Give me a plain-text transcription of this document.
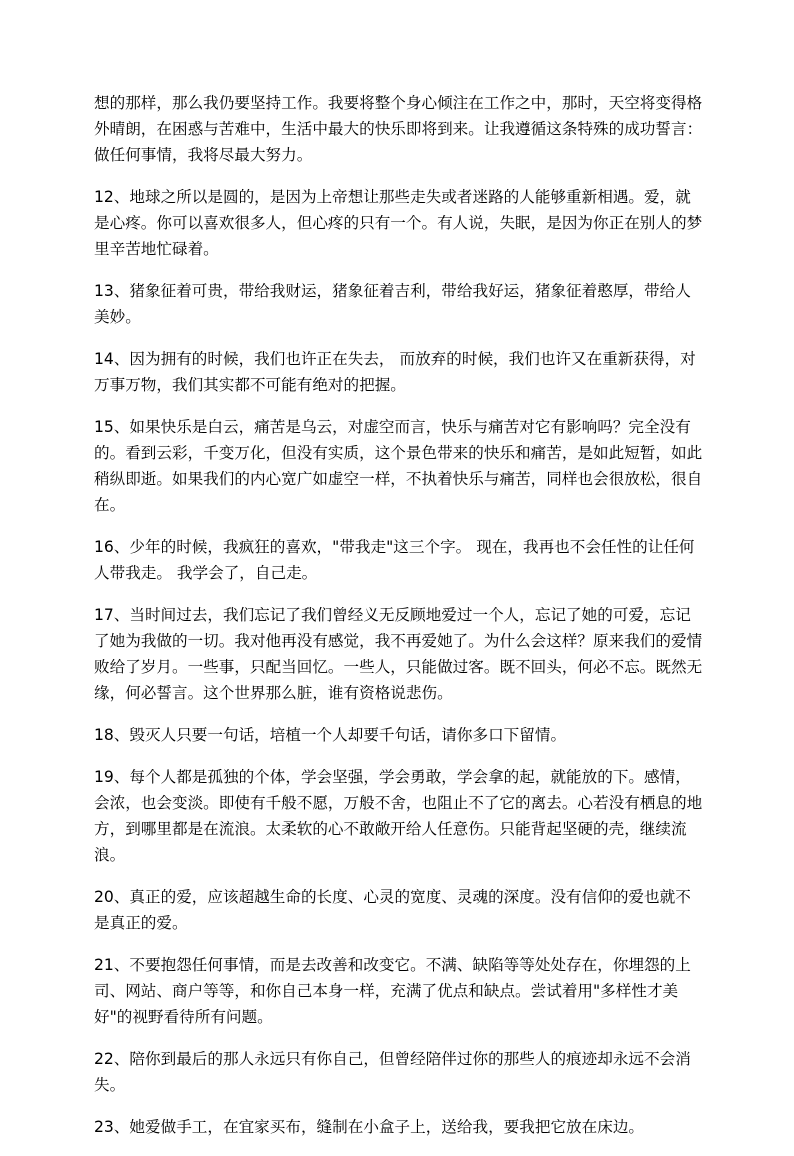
想的那样，那么我仍要坚持工作。我要将整个身心倾注在工作之中，那时，天空将变得格外晴朗，在困惑与苦难中，生活中最大的快乐即将到来。让我遵循这条特殊的成功誓言：做任何事情，我将尽最大努力。

12、地球之所以是圆的，是因为上帝想让那些走失或者迷路的人能够重新相遇。爱，就是心疼。你可以喜欢很多人，但心疼的只有一个。有人说，失眠，是因为你正在别人的梦里辛苦地忙碌着。

13、猪象征着可贵，带给我财运，猪象征着吉利，带给我好运，猪象征着憨厚，带给人美妙。

14、因为拥有的时候，我们也许正在失去， 而放弃的时候，我们也许又在重新获得，对万事万物，我们其实都不可能有绝对的把握。

15、如果快乐是白云，痛苦是乌云，对虚空而言，快乐与痛苦对它有影响吗？完全没有的。看到云彩，千变万化，但没有实质，这个景色带来的快乐和痛苦，是如此短暂，如此稍纵即逝。如果我们的内心宽广如虚空一样，不执着快乐与痛苦，同样也会很放松，很自在。

16、少年的时候，我疯狂的喜欢，"带我走"这三个字。 现在，我再也不会任性的让任何人带我走。 我学会了，自己走。

17、当时间过去，我们忘记了我们曾经义无反顾地爱过一个人，忘记了她的可爱，忘记了她为我做的一切。我对他再没有感觉，我不再爱她了。为什么会这样？原来我们的爱情败给了岁月。一些事，只配当回忆。一些人，只能做过客。既不回头，何必不忘。既然无缘，何必誓言。这个世界那么脏，谁有资格说悲伤。

18、毁灭人只要一句话，培植一个人却要千句话，请你多口下留情。

19、每个人都是孤独的个体，学会坚强，学会勇敢，学会拿的起，就能放的下。感情，会浓，也会变淡。即使有千般不愿，万般不舍，也阻止不了它的离去。心若没有栖息的地方，到哪里都是在流浪。太柔软的心不敢敞开给人任意伤。只能背起坚硬的壳，继续流浪。

20、真正的爱，应该超越生命的长度、心灵的宽度、灵魂的深度。没有信仰的爱也就不是真正的爱。

21、不要抱怨任何事情，而是去改善和改变它。不满、缺陷等等处处存在，你埋怨的上司、网站、商户等等，和你自己本身一样，充满了优点和缺点。尝试着用"多样性才美好"的视野看待所有问题。

22、陪你到最后的那人永远只有你自己，但曾经陪伴过你的那些人的痕迹却永远不会消失。

23、她爱做手工，在宜家买布，缝制在小盒子上，送给我，要我把它放在床边。
